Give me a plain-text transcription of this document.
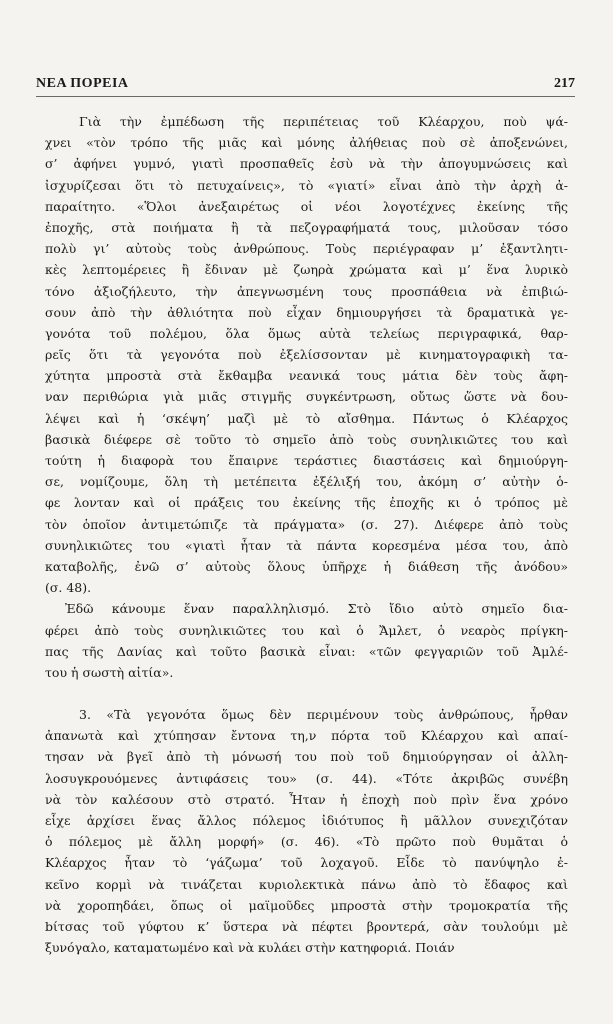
ΝΕΑ ΠΟΡΕΙΑ	217
Γιὰ τὴν ἐμπέδωση τῆς περιπέτειας τοῦ Κλέαρχου, ποὺ ψά-
χνει «τὸν τρόπο τῆς μιᾶς καὶ μόνης ἀλήθειας ποὺ σὲ ἀποξενώνει,
σ’ ἀφήνει γυμνό, γιατὶ προσπαθεῖς ἐσὺ νὰ τὴν ἀπογυμνώσεις καὶ
ἰσχυρίζεσαι ὅτι τὸ πετυχαίνεις», τὸ «γιατί» εἶναι ἀπὸ τὴν ἀρχὴ ἀ-
παραίτητο. «Ὅλοι ἀνεξαιρέτως οἱ νέοι λογοτέχνες ἐκείνης τῆς
ἐποχῆς, στὰ ποιήματα ἢ τὰ πεζογραφήματά τους, μιλοῦσαν τόσο
πολὺ γι’ αὐτοὺς τοὺς ἀνθρώπους. Τοὺς περιέγραφαν μ’ ἐξαντλητι-
κὲς λεπτομέρειες ἢ ἔδιναν μὲ ζωηρὰ χρώματα καὶ μ’ ἕνα λυρικὸ
τόνο ἀξιοζήλευτο, τὴν ἀπεγνωσμένη τους προσπάθεια νὰ ἐπιβιώ-
σουν ἀπὸ τὴν ἀθλιότητα ποὺ εἶχαν δημιουργήσει τὰ δραματικὰ γε-
γονότα τοῦ πολέμου, ὅλα ὅμως αὐτὰ τελείως περιγραφικά, θαρ-
ρεῖς ὅτι τὰ γεγονότα ποὺ ἐξελίσσονταν μὲ κινηματογραφικὴ τα-
χύτητα μπροστὰ στὰ ἔκθαμβα νεανικά τους μάτια δὲν τοὺς ἄφη-
ναν περιθώρια γιὰ μιᾶς στιγμῆς συγκέντρωση, οὔτως ὥστε νὰ δου-
λέψει καὶ ἡ ‘σκέψη’ μαζὶ μὲ τὸ αἴσθημα. Πάντως ὁ Κλέαρχος
βασικὰ διέφερε σὲ τοῦτο τὸ σημεῖο ἀπὸ τοὺς συνηλικιῶτες του καὶ
τούτη ἡ διαφορὰ του ἔπαιρνε τεράστιες διαστάσεις καὶ δημιούργη-
σε, νομίζουμε, ὅλη τὴ μετέπειτα ἐξέλιξή του, ἀκόμη σ’ αὐτὴν ὁ-
φε λονταν καὶ οἱ πράξεις του ἐκείνης τῆς ἐποχῆς κι ὁ τρόπος μὲ
τὸν ὁποῖον ἀντιμετώπιζε τὰ πράγματα» (σ. 27). Διέφερε ἀπὸ τοὺς
συνηλικιῶτες του «γιατὶ ἦταν τὰ πάντα κορεσμένα μέσα του, ἀπὸ
καταβολῆς, ἐνῶ σ’ αὐτοὺς ὅλους ὑπῆρχε ἡ διάθεση τῆς ἀνόδου»
(σ. 48).
Ἐδῶ κάνουμε ἕναν παραλληλισμό. Στὸ ἴδιο αὐτὸ σημεῖο δια-
φέρει ἀπὸ τοὺς συνηλικιῶτες του καὶ ὁ Ἄμλετ, ὁ νεαρὸς πρίγκη-
πας τῆς Δανίας καὶ τοῦτο βασικὰ εἶναι: «τῶν φεγγαριῶν τοῦ Ἀμλέ-
του ἡ σωστὴ αἰτία».
3. «Τὰ γεγονότα ὅμως δὲν περιμένουν τοὺς ἀνθρώπους, ἦρθαν
ἀπανωτὰ καὶ χτύπησαν ἔντονα τη,ν πόρτα τοῦ Κλέαρχου καὶ απαί-
τησαν νὰ βγεῖ ἀπὸ τὴ μόνωσή του ποὺ τοῦ δημιούργησαν οἱ ἀλλη-
λοσυγκρουόμενες ἀντιφάσεις του» (σ. 44). «Τότε ἀκριβῶς συνέβη
νὰ τὸν καλέσουν στὸ στρατό. Ἦταν ἡ ἐποχὴ ποὺ πρὶν ἕνα χρόνο
εἶχε ἀρχίσει ἕνας ἄλλος πόλεμος ἰδιότυπος ἢ μᾶλλον συνεχιζόταν
ὁ πόλεμος μὲ ἄλλη μορφή» (σ. 46). «Τὸ πρῶτο ποὺ θυμᾶται ὁ
Κλέαρχος ἦταν τὸ ‘γάζωμα’ τοῦ λοχαγοῦ. Εἶδε τὸ πανύψηλο ἐ-
κεῖνο κορμὶ νὰ τινάζεται κυριολεκτικὰ πάνω ἀπὸ τὸ ἔδαφος καὶ
νὰ χοροπηδάει, ὅπως οἱ μαϊμοῦδες μπροστὰ στὴν τρομοκρατία τῆς
bίτσας τοῦ γύφτου κ’ ὕστερα νὰ πέφτει βροντερά, σὰν τουλούμι μὲ
ξυνόγαλο, καταματωμένο καὶ νὰ κυλάει στὴν κατηφοριά. Ποιάν
